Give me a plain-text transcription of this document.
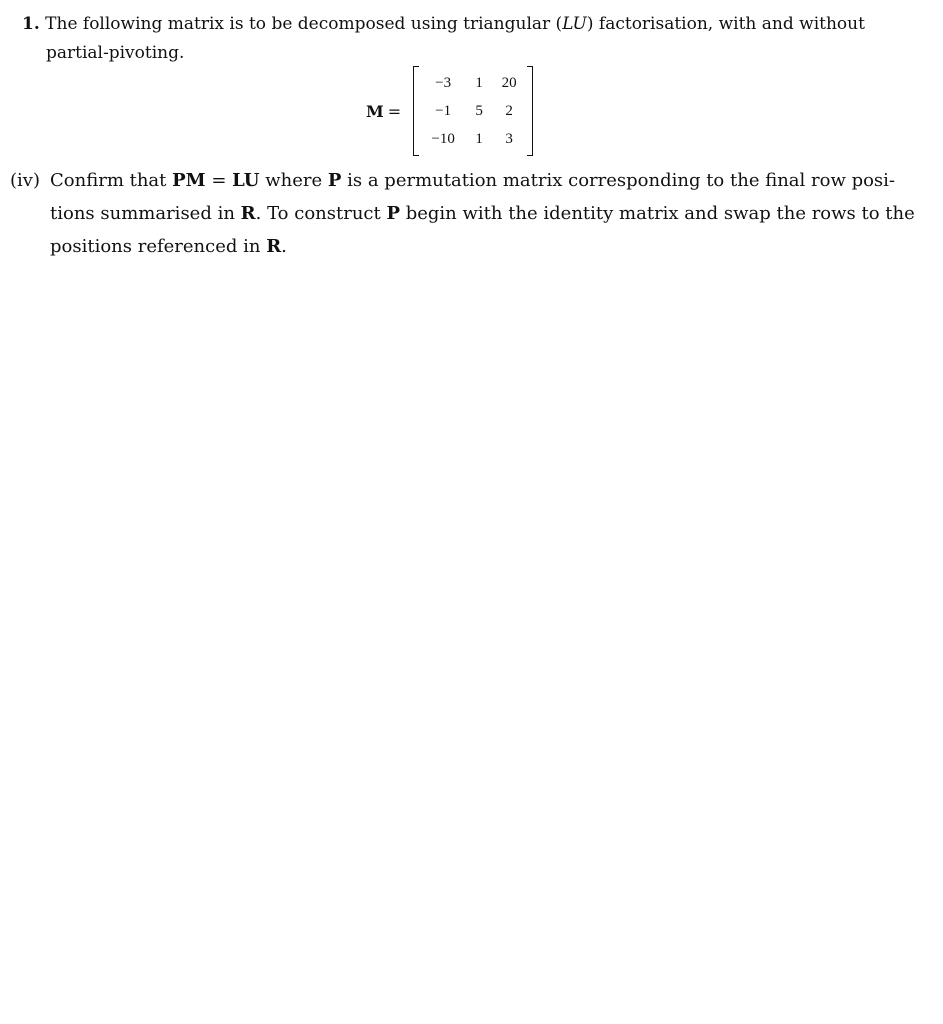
1. The following matrix is to be decomposed using triangular (LU) factorisation, with and without
partial-pivoting.
M =
−3	1	20
−1	5	2
−10	1	3
(iv) Confirm that PM = LU where P is a permutation matrix corresponding to the final row posi-
tions summarised in R. To construct P begin with the identity matrix and swap the rows to the
positions referenced in R.
